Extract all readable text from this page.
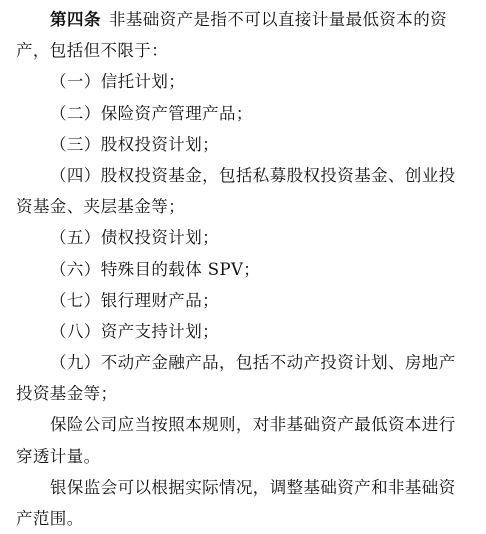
第四条 非基础资产是指不可以直接计量最低资本的资
产，包括但不限于：
（一）信托计划；
（二）保险资产管理产品；
（三）股权投资计划；
（四）股权投资基金，包括私募股权投资基金、创业投
资基金、夹层基金等；
（五）债权投资计划；
（六）特殊目的载体 SPV；
（七）银行理财产品；
（八）资产支持计划；
（九）不动产金融产品，包括不动产投资计划、房地产
投资基金等；
保险公司应当按照本规则，对非基础资产最低资本进行
穿透计量。
银保监会可以根据实际情况，调整基础资产和非基础资
产范围。
